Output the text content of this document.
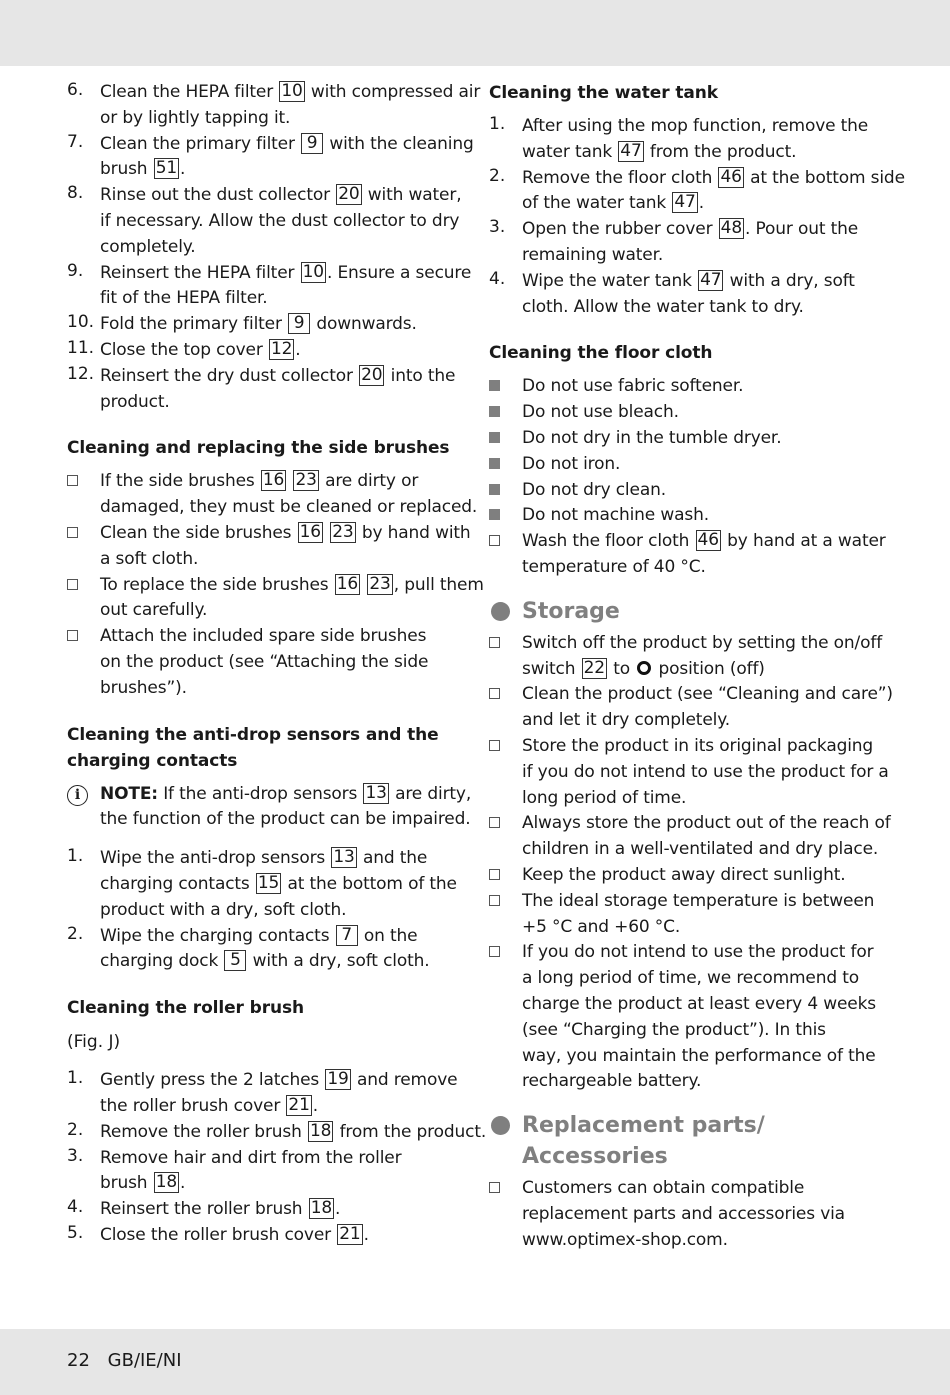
6. Clean the HEPA filter 10 with compressed air
or by lightly tapping it.
7. Clean the primary filter 9 with the cleaning
brush 51 .
8. Rinse out the dust collector 20 with water,
if necessary. Allow the dust collector to dry
completely.
9. Reinsert the HEPA filter 10 . Ensure a secure
fit of the HEPA filter.
10. Fold the primary filter 9 downwards.
11. Close the top cover 12 .
12. Reinsert the dry dust collector 20 into the
product.
Cleaning and replacing the side brushes
If the side brushes 16 23 are dirty or
damaged, they must be cleaned or replaced.
Clean the side brushes 16 23 by hand with
a soft cloth.
To replace the side brushes 16 23 , pull them
out carefully.
Attach the included spare side brushes
on the product (see “Attaching the side
brushes”).
Cleaning the anti-drop sensors and the
charging contacts
i	NOTE: If the anti-drop sensors 13 are dirty,
the function of the product can be impaired.
1. Wipe the anti-drop sensors 13 and the
charging contacts 15 at the bottom of the
product with a dry, soft cloth.
2. Wipe the charging contacts 7 on the
charging dock 5 with a dry, soft cloth.
Cleaning the roller brush
(Fig. J)
1. Gently press the 2 latches 19 and remove
the roller brush cover 21 .
2. Remove the roller brush 18 from the product.
3. Remove hair and dirt from the roller
brush 18 .
4. Reinsert the roller brush 18 .
5. Close the roller brush cover 21 .
Cleaning the water tank
1. After using the mop function, remove the
water tank 47 from the product.
2. Remove the floor cloth 46 at the bottom side
of the water tank 47 .
3. Open the rubber cover 48 . Pour out the
remaining water.
4. Wipe the water tank 47 with a dry, soft
cloth. Allow the water tank to dry.
Cleaning the floor cloth
Do not use fabric softener.
Do not use bleach.
Do not dry in the tumble dryer.
Do not iron.
Do not dry clean.
Do not machine wash.
Wash the floor cloth 46 by hand at a water
temperature of 40 °C.
Storage
Switch off the product by setting the on/off
switch 22 to  position (off)
Clean the product (see “Cleaning and care”)
and let it dry completely.
Store the product in its original packaging
if you do not intend to use the product for a
long period of time.
Always store the product out of the reach of
children in a well-ventilated and dry place.
Keep the product away direct sunlight.
The ideal storage temperature is between
+5 °C and +60 °C.
If you do not intend to use the product for
a long period of time, we recommend to
charge the product at least every 4 weeks
(see “Charging the product”). In this
way, you maintain the performance of the
rechargeable battery.
Replacement parts/
Accessories
Customers can obtain compatible
replacement parts and accessories via
www.optimex-shop.com.
22 GB/IE/NI
